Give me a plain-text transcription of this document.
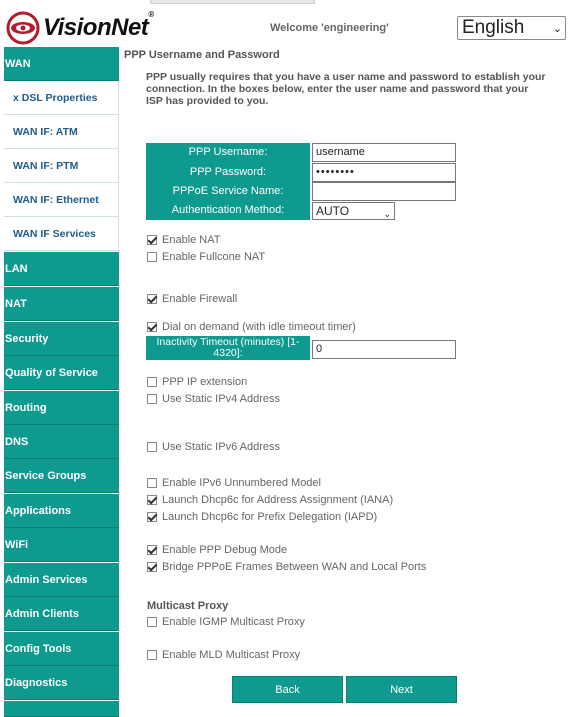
VisionNet®
Welcome 'engineering'	English	⌄
WAN
x DSL Properties
WAN IF: ATM
WAN IF: PTM
WAN IF: Ethernet
WAN IF Services
LAN
NAT
Security
Quality of Service
Routing
DNS
Service Groups
Applications
WiFi
Admin Services
Admin Clients
Config Tools
Diagnostics
PPP Username and Password
PPP usually requires that you have a user name and password to establish your connection. In the boxes below, enter the user name and password that your ISP has provided to you.
PPP Username:	username
PPP Password:	••••••••
PPPoE Service Name:
Authentication Method:	AUTO	⌄
Enable NAT
Enable Fullcone NAT
Enable Firewall
Dial on demand (with idle timeout timer)
Inactivity Timeout (minutes) [1-4320]:	0
PPP IP extension
Use Static IPv4 Address
Use Static IPv6 Address
Enable IPv6 Unnumbered Model
Launch Dhcp6c for Address Assignment (IANA)
Launch Dhcp6c for Prefix Delegation (IAPD)
Enable PPP Debug Mode
Bridge PPPoE Frames Between WAN and Local Ports
Multicast Proxy
Enable IGMP Multicast Proxy
Enable MLD Multicast Proxy
Back	Next
